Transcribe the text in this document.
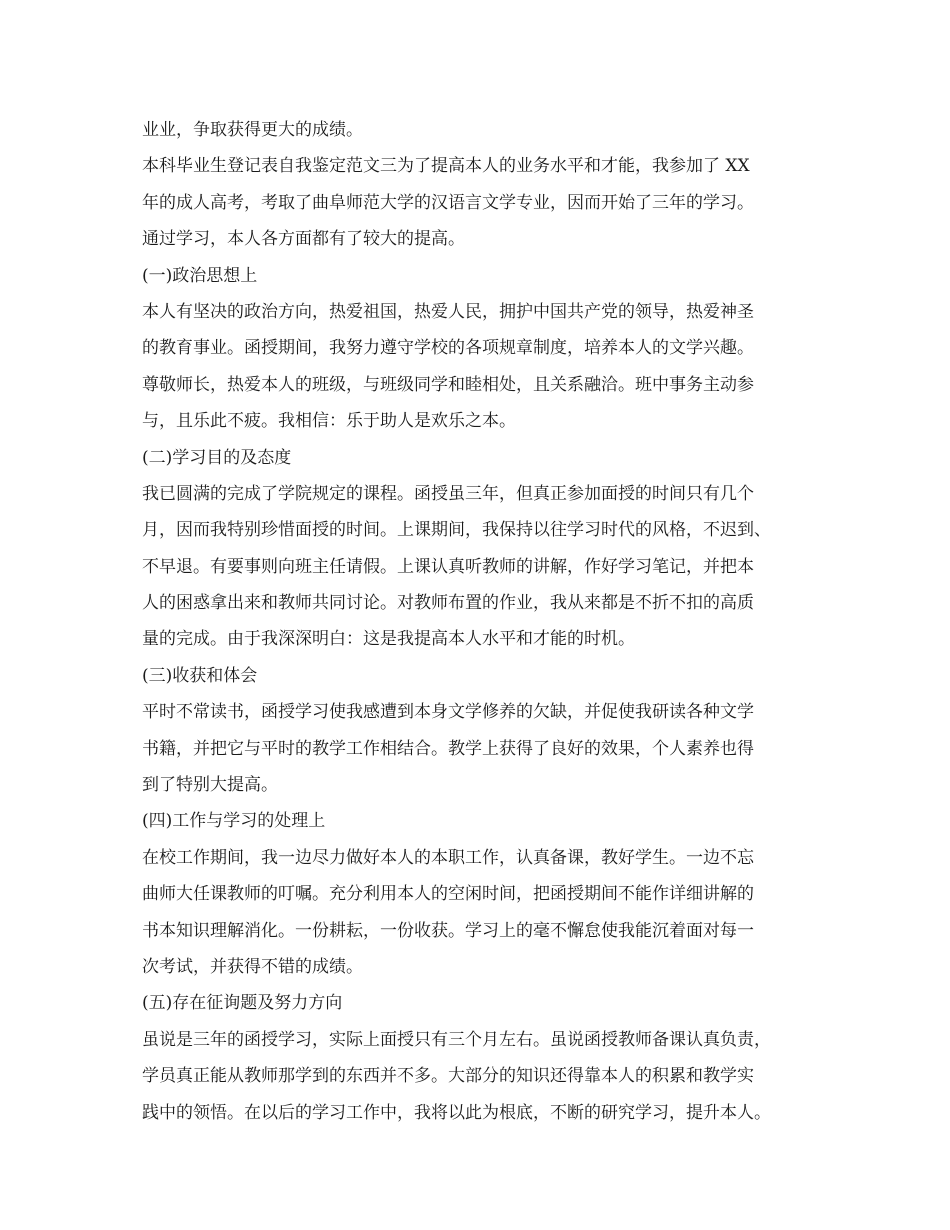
业业，争取获得更大的成绩。
本科毕业生登记表自我鉴定范文三为了提高本人的业务水平和才能，我参加了 XX
年的成人高考，考取了曲阜师范大学的汉语言文学专业，因而开始了三年的学习。
通过学习，本人各方面都有了较大的提高。
(一)政治思想上
本人有坚决的政治方向，热爱祖国，热爱人民，拥护中国共产党的领导，热爱神圣
的教育事业。函授期间，我努力遵守学校的各项规章制度，培养本人的文学兴趣。
尊敬师长，热爱本人的班级，与班级同学和睦相处，且关系融洽。班中事务主动参
与，且乐此不疲。我相信：乐于助人是欢乐之本。
(二)学习目的及态度
我已圆满的完成了学院规定的课程。函授虽三年，但真正参加面授的时间只有几个
月，因而我特别珍惜面授的时间。上课期间，我保持以往学习时代的风格，不迟到、
不早退。有要事则向班主任请假。上课认真听教师的讲解，作好学习笔记，并把本
人的困惑拿出来和教师共同讨论。对教师布置的作业，我从来都是不折不扣的高质
量的完成。由于我深深明白：这是我提高本人水平和才能的时机。
(三)收获和体会
平时不常读书，函授学习使我感遭到本身文学修养的欠缺，并促使我研读各种文学
书籍，并把它与平时的教学工作相结合。教学上获得了良好的效果，个人素养也得
到了特别大提高。
(四)工作与学习的处理上
在校工作期间，我一边尽力做好本人的本职工作，认真备课，教好学生。一边不忘
曲师大任课教师的叮嘱。充分利用本人的空闲时间，把函授期间不能作详细讲解的
书本知识理解消化。一份耕耘，一份收获。学习上的毫不懈怠使我能沉着面对每一
次考试，并获得不错的成绩。
(五)存在征询题及努力方向
虽说是三年的函授学习，实际上面授只有三个月左右。虽说函授教师备课认真负责，
学员真正能从教师那学到的东西并不多。大部分的知识还得靠本人的积累和教学实
践中的领悟。在以后的学习工作中，我将以此为根底，不断的研究学习，提升本人。
